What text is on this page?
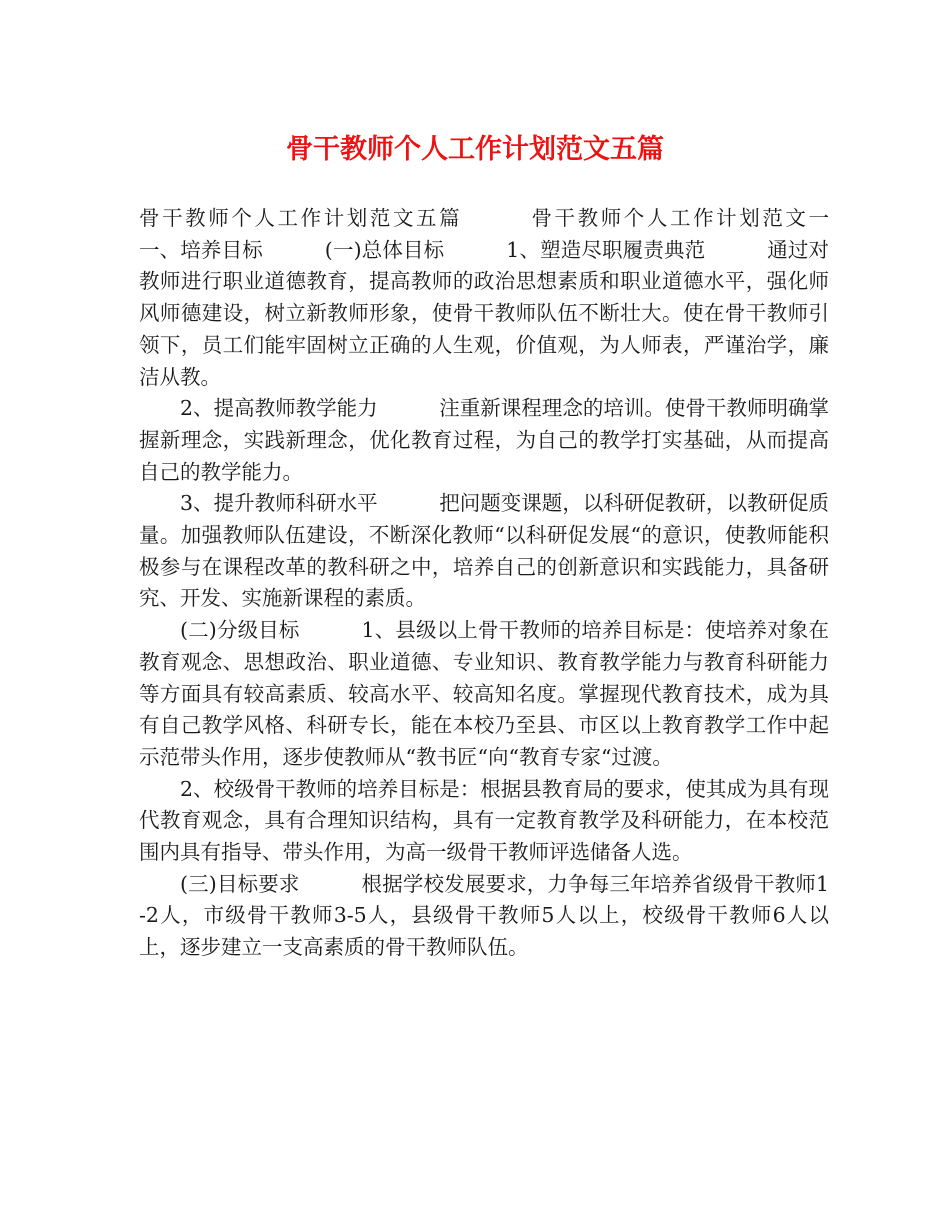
骨干教师个人工作计划范文五篇

骨干教师个人工作计划范文五篇　　　骨干教师个人工作计划范文一　　　一、培养目标　　　(一)总体目标　　　1、塑造尽职履责典范　　　通过对教师进行职业道德教育，提高教师的政治思想素质和职业道德水平，强化师风师德建设，树立新教师形象，使骨干教师队伍不断壮大。使在骨干教师引领下，员工们能牢固树立正确的人生观，价值观，为人师表，严谨治学，廉洁从教。

2、提高教师教学能力　　　注重新课程理念的培训。使骨干教师明确掌握新理念，实践新理念，优化教育过程，为自己的教学打实基础，从而提高自己的教学能力。

3、提升教师科研水平　　　把问题变课题，以科研促教研，以教研促质量。加强教师队伍建设，不断深化教师“以科研促发展“的意识，使教师能积极参与在课程改革的教科研之中，培养自己的创新意识和实践能力，具备研究、开发、实施新课程的素质。

(二)分级目标　　　1、县级以上骨干教师的培养目标是：使培养对象在教育观念、思想政治、职业道德、专业知识、教育教学能力与教育科研能力等方面具有较高素质、较高水平、较高知名度。掌握现代教育技术，成为具有自己教学风格、科研专长，能在本校乃至县、市区以上教育教学工作中起示范带头作用，逐步使教师从“教书匠“向“教育专家“过渡。

2、校级骨干教师的培养目标是：根据县教育局的要求，使其成为具有现代教育观念，具有合理知识结构，具有一定教育教学及科研能力，在本校范围内具有指导、带头作用，为高一级骨干教师评选储备人选。

(三)目标要求　　　根据学校发展要求，力争每三年培养省级骨干教师1-2人，市级骨干教师3-5人，县级骨干教师5人以上，校级骨干教师6人以上，逐步建立一支高素质的骨干教师队伍。
